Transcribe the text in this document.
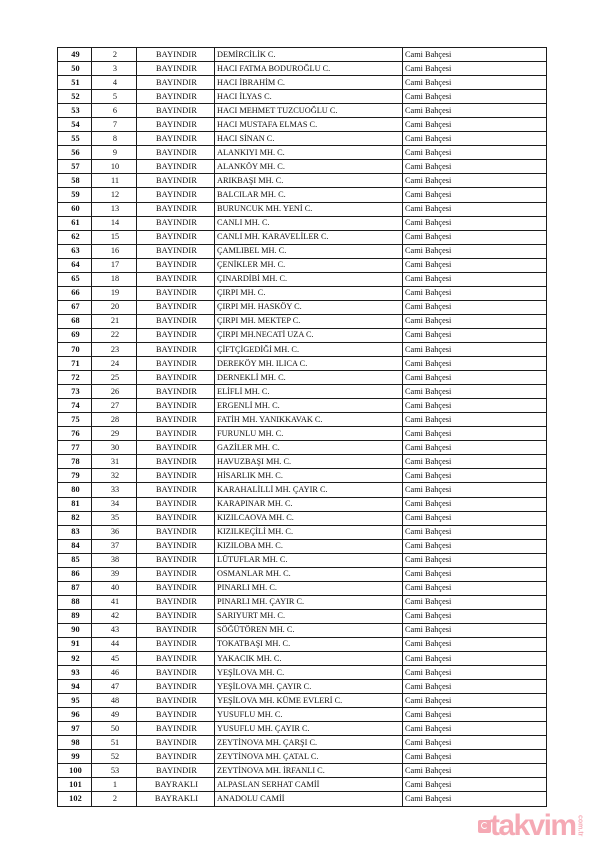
49	2	BAYINDIR	DEMİRCİLİK C.	Cami Bahçesi
50	3	BAYINDIR	HACI FATMA BODUROĞLU C.	Cami Bahçesi
51	4	BAYINDIR	HACI İBRAHİM C.	Cami Bahçesi
52	5	BAYINDIR	HACI İLYAS C.	Cami Bahçesi
53	6	BAYINDIR	HACI MEHMET TUZCUOĞLU C.	Cami Bahçesi
54	7	BAYINDIR	HACI MUSTAFA ELMAS C.	Cami Bahçesi
55	8	BAYINDIR	HACI SİNAN C.	Cami Bahçesi
56	9	BAYINDIR	ALANKIYI MH. C.	Cami Bahçesi
57	10	BAYINDIR	ALANKÖY MH. C.	Cami Bahçesi
58	11	BAYINDIR	ARIKBAŞI MH. C.	Cami Bahçesi
59	12	BAYINDIR	BALCILAR MH. C.	Cami Bahçesi
60	13	BAYINDIR	BURUNCUK MH. YENİ C.	Cami Bahçesi
61	14	BAYINDIR	CANLI MH. C.	Cami Bahçesi
62	15	BAYINDIR	CANLI MH. KARAVELİLER C.	Cami Bahçesi
63	16	BAYINDIR	ÇAMLIBEL MH. C.	Cami Bahçesi
64	17	BAYINDIR	ÇENİKLER MH. C.	Cami Bahçesi
65	18	BAYINDIR	ÇINARDİBİ MH. C.	Cami Bahçesi
66	19	BAYINDIR	ÇIRPI MH. C.	Cami Bahçesi
67	20	BAYINDIR	ÇIRPI MH. HASKÖY C.	Cami Bahçesi
68	21	BAYINDIR	ÇIRPI MH. MEKTEP C.	Cami Bahçesi
69	22	BAYINDIR	ÇIRPI MH.NECATİ UZA C.	Cami Bahçesi
70	23	BAYINDIR	ÇİFTÇİGEDİĞİ MH. C.	Cami Bahçesi
71	24	BAYINDIR	DEREKÖY MH. ILICA C.	Cami Bahçesi
72	25	BAYINDIR	DERNEKLİ MH. C.	Cami Bahçesi
73	26	BAYINDIR	ELİFLİ MH. C.	Cami Bahçesi
74	27	BAYINDIR	ERGENLİ MH. C.	Cami Bahçesi
75	28	BAYINDIR	FATİH MH. YANIKKAVAK C.	Cami Bahçesi
76	29	BAYINDIR	FURUNLU MH. C.	Cami Bahçesi
77	30	BAYINDIR	GAZİLER MH. C.	Cami Bahçesi
78	31	BAYINDIR	HAVUZBAŞI MH. C.	Cami Bahçesi
79	32	BAYINDIR	HİSARLIK MH. C.	Cami Bahçesi
80	33	BAYINDIR	KARAHALİLLİ MH. ÇAYIR C.	Cami Bahçesi
81	34	BAYINDIR	KARAPINAR MH. C.	Cami Bahçesi
82	35	BAYINDIR	KIZILCAOVA MH. C.	Cami Bahçesi
83	36	BAYINDIR	KIZILKEÇİLİ MH. C.	Cami Bahçesi
84	37	BAYINDIR	KIZILOBA MH. C.	Cami Bahçesi
85	38	BAYINDIR	LÜTUFLAR MH. C.	Cami Bahçesi
86	39	BAYINDIR	OSMANLAR MH. C.	Cami Bahçesi
87	40	BAYINDIR	PINARLI MH. C.	Cami Bahçesi
88	41	BAYINDIR	PINARLI MH. ÇAYIR C.	Cami Bahçesi
89	42	BAYINDIR	SARIYURT MH. C.	Cami Bahçesi
90	43	BAYINDIR	SÖĞÜTÖREN MH. C.	Cami Bahçesi
91	44	BAYINDIR	TOKATBAŞI MH. C.	Cami Bahçesi
92	45	BAYINDIR	YAKACIK MH. C.	Cami Bahçesi
93	46	BAYINDIR	YEŞİLOVA MH. C.	Cami Bahçesi
94	47	BAYINDIR	YEŞİLOVA MH. ÇAYIR C.	Cami Bahçesi
95	48	BAYINDIR	YEŞİLOVA MH. KÜME EVLERİ C.	Cami Bahçesi
96	49	BAYINDIR	YUSUFLU MH. C.	Cami Bahçesi
97	50	BAYINDIR	YUSUFLU MH. ÇAYIR C.	Cami Bahçesi
98	51	BAYINDIR	ZEYTİNOVA MH. ÇARŞI C.	Cami Bahçesi
99	52	BAYINDIR	ZEYTİNOVA MH. ÇATAL C.	Cami Bahçesi
100	53	BAYINDIR	ZEYTİNOVA MH. İRFANLI C.	Cami Bahçesi
101	1	BAYRAKLI	ALPASLAN SERHAT CAMİİ	Cami Bahçesi
102	2	BAYRAKLI	ANADOLU CAMİİ	Cami Bahçesi
takvim com.tr
